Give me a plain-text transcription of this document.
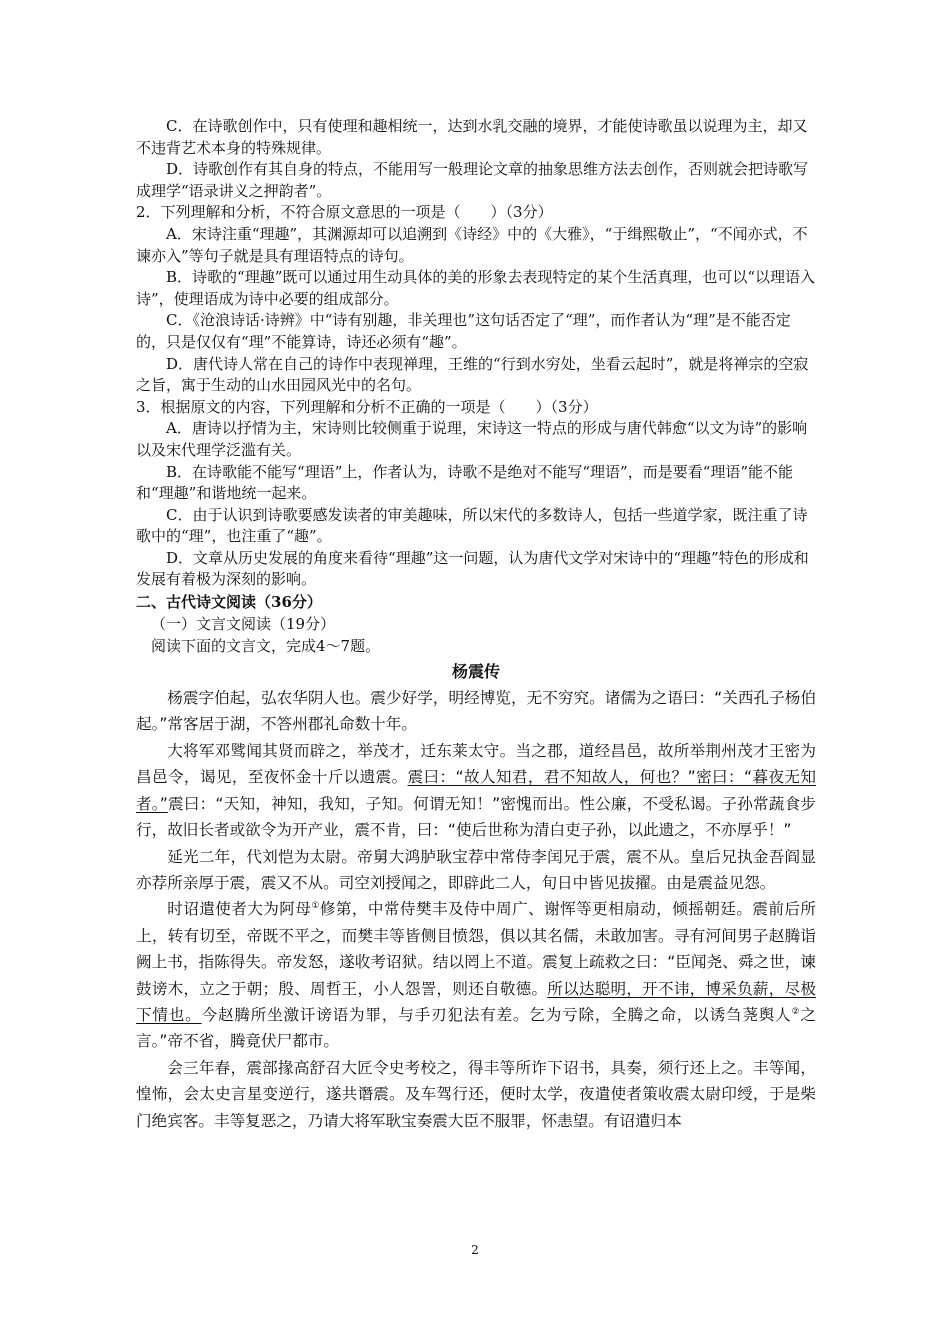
C．在诗歌创作中，只有使理和趣相统一，达到水乳交融的境界，才能使诗歌虽以说理为主，却又不违背艺术本身的特殊规律。

D．诗歌创作有其自身的特点，不能用写一般理论文章的抽象思维方法去创作，否则就会把诗歌写成理学“语录讲义之押韵者”。

2．下列理解和分析，不符合原文意思的一项是（　　）（3分）

A．宋诗注重“理趣”，其渊源却可以追溯到《诗经》中的《大雅》，“于缉熙敬止”，“不闻亦式，不谏亦入”等句子就是具有理语特点的诗句。

B．诗歌的“理趣”既可以通过用生动具体的美的形象去表现特定的某个生活真理，也可以“以理语入诗”，使理语成为诗中必要的组成部分。

C．《沧浪诗话·诗辨》中“诗有别趣，非关理也”这句话否定了“理”，而作者认为“理”是不能否定的，只是仅仅有“理”不能算诗，诗还必须有“趣”。

D．唐代诗人常在自己的诗作中表现禅理，王维的“行到水穷处，坐看云起时”，就是将禅宗的空寂之旨，寓于生动的山水田园风光中的名句。

3．根据原文的内容，下列理解和分析不正确的一项是（　　）（3分）

A．唐诗以抒情为主，宋诗则比较侧重于说理，宋诗这一特点的形成与唐代韩愈“以文为诗”的影响以及宋代理学泛滥有关。

B．在诗歌能不能写“理语”上，作者认为，诗歌不是绝对不能写“理语”，而是要看“理语”能不能和“理趣”和谐地统一起来。

C．由于认识到诗歌要感发读者的审美趣味，所以宋代的多数诗人，包括一些道学家，既注重了诗歌中的“理”，也注重了“趣”。

D．文章从历史发展的角度来看待“理趣”这一问题，认为唐代文学对宋诗中的“理趣”特色的形成和发展有着极为深刻的影响。

二、古代诗文阅读（36分）

（一）文言文阅读（19分）

阅读下面的文言文，完成4～7题。

杨震传

杨震字伯起，弘农华阴人也。震少好学，明经博览，无不穷究。诸儒为之语曰：“关西孔子杨伯起。”常客居于湖，不答州郡礼命数十年。

大将军邓骘闻其贤而辟之，举茂才，迁东莱太守。当之郡，道经昌邑，故所举荆州茂才王密为昌邑令，谒见，至夜怀金十斤以遗震。震曰：“故人知君，君不知故人，何也？”密曰：“暮夜无知者。”震曰：“天知，神知，我知，子知。何谓无知！”密愧而出。性公廉，不受私谒。子孙常蔬食步行，故旧长者或欲令为开产业，震不肯，曰：“使后世称为清白吏子孙，以此遗之，不亦厚乎！”

延光二年，代刘恺为太尉。帝舅大鸿胪耿宝荐中常侍李闰兄于震，震不从。皇后兄执金吾阎显亦荐所亲厚于震，震又不从。司空刘授闻之，即辟此二人，旬日中皆见拔擢。由是震益见怨。

时诏遣使者大为阿母①修第，中常侍樊丰及侍中周广、谢恽等更相扇动，倾摇朝廷。震前后所上，转有切至，帝既不平之，而樊丰等皆侧目愤怨，俱以其名儒，未敢加害。寻有河间男子赵腾诣阙上书，指陈得失。帝发怒，遂收考诏狱。结以罔上不道。震复上疏救之曰：“臣闻尧、舜之世，谏鼓谤木，立之于朝；殷、周哲王，小人怨詈，则还自敬德。所以达聪明，开不讳，博采负薪，尽极下情也。今赵腾所坐激讦谤语为罪，与手刃犯法有差。乞为亏除，全腾之命，以诱刍荛舆人②之言。”帝不省，腾竟伏尸都市。

会三年春，震部掾高舒召大匠令史考校之，得丰等所诈下诏书，具奏，须行还上之。丰等闻，惶怖，会太史言星变逆行，遂共谮震。及车驾行还，便时太学，夜遣使者策收震太尉印绶，于是柴门绝宾客。丰等复恶之，乃请大将军耿宝奏震大臣不服罪，怀恚望。有诏遣归本

2
